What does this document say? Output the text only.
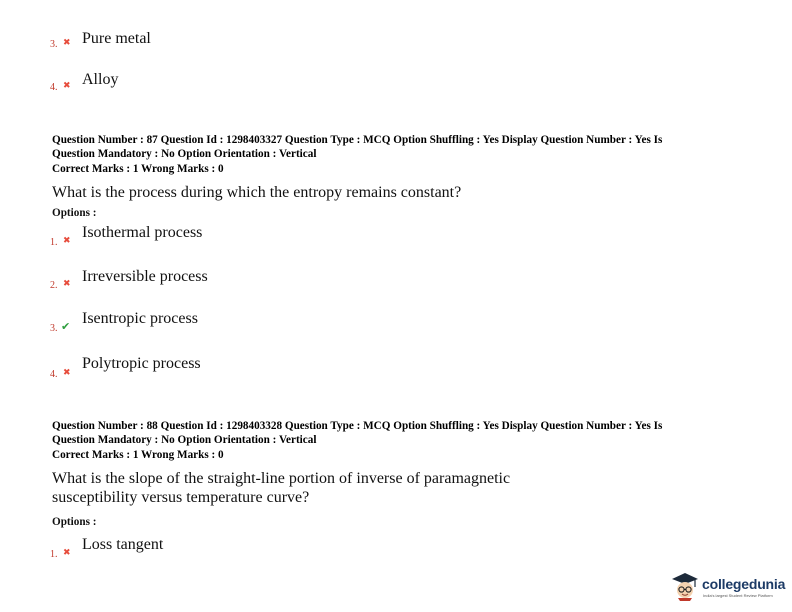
3. ✖ Pure metal
4. ✖ Alloy
Question Number : 87 Question Id : 1298403327 Question Type : MCQ Option Shuffling : Yes Display Question Number : Yes Is
Question Mandatory : No Option Orientation : Vertical
Correct Marks : 1 Wrong Marks : 0
What is the process during which the entropy remains constant?
Options :
1. ✖ Isothermal process
2. ✖ Irreversible process
3. ✔ Isentropic process
4. ✖
Polytropic process
Question Number : 88 Question Id : 1298403328 Question Type : MCQ Option Shuffling : Yes Display Question Number : Yes Is
Question Mandatory : No Option Orientation : Vertical
Correct Marks : 1 Wrong Marks : 0
What is the slope of the straight-line portion of inverse of paramagnetic
susceptibility versus temperature curve?
Options :
1. ✖ Loss tangent
collegedunia
India's largest Student Review Platform
